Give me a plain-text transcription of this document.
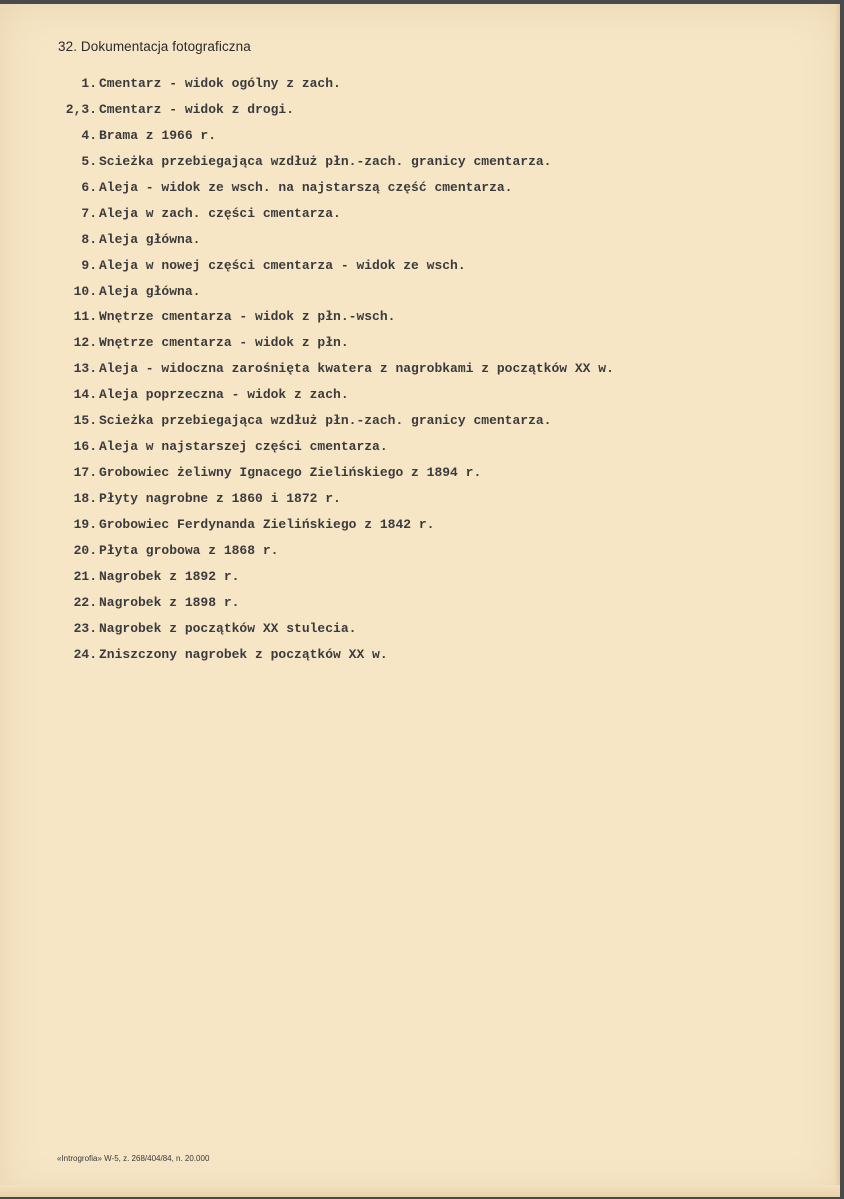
32. Dokumentacja fotograficzna
1. Cmentarz - widok ogólny z zach.
2,3. Cmentarz - widok z drogi.
4. Brama z 1966 r.
5. Scieżka przebiegająca wzdłuż płn.-zach. granicy cmentarza.
6. Aleja - widok ze wsch. na najstarszą część cmentarza.
7. Aleja w zach. części cmentarza.
8. Aleja główna.
9. Aleja w nowej części cmentarza - widok ze wsch.
10. Aleja główna.
11. Wnętrze cmentarza - widok z płn.-wsch.
12. Wnętrze cmentarza - widok z płn.
13. Aleja - widoczna zarośnięta kwatera z nagrobkami z początków XX w.
14. Aleja poprzeczna - widok z zach.
15. Scieżka przebiegająca wzdłuż płn.-zach. granicy cmentarza.
16. Aleja w najstarszej części cmentarza.
17. Grobowiec żeliwny Ignacego Zielińskiego z 1894 r.
18. Płyty nagrobne z 1860 i 1872 r.
19. Grobowiec Ferdynanda Zielińskiego z 1842 r.
20. Płyta grobowa z 1868 r.
21. Nagrobek z 1892 r.
22. Nagrobek z 1898 r.
23. Nagrobek z początków XX stulecia.
24. Zniszczony nagrobek z początków XX w.
«Introgrofia» W-5, z. 268/404/84, n. 20.000
